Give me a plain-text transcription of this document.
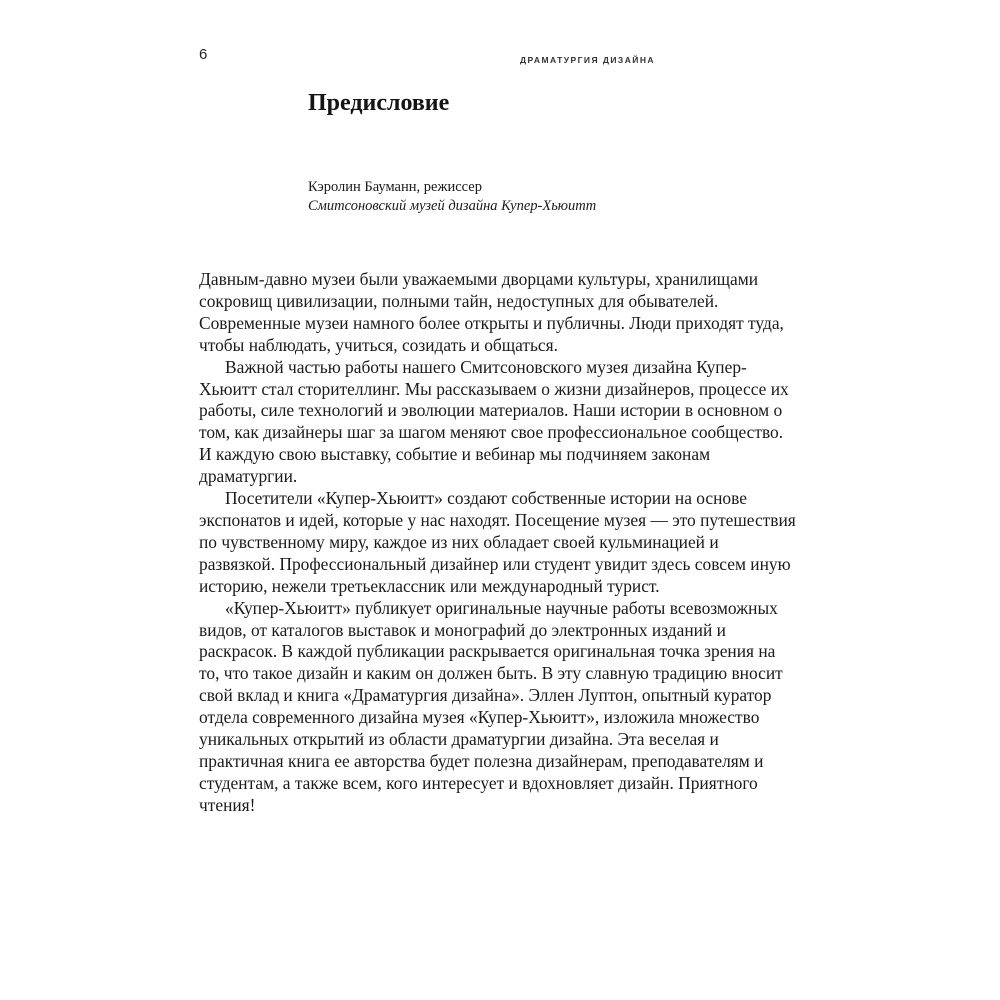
6	ДРАМАТУРГИЯ ДИЗАЙНА
Предисловие
Кэролин Бауманн, режиссер
Смитсоновский музей дизайна Купер-Хьюитт

Давным-давно музеи были уважаемыми дворцами культуры, хранилищами сокровищ цивилизации, полными тайн, недоступных для обывателей. Современные музеи намного более открыты и публичны. Люди приходят туда, чтобы наблюдать, учиться, созидать и общаться.

Важной частью работы нашего Смитсоновского музея дизайна Купер-Хьюитт стал сторителлинг. Мы рассказываем о жизни дизайнеров, процессе их работы, силе технологий и эволюции материалов. Наши истории в основном о том, как дизайнеры шаг за шагом меняют свое профессиональное сообщество. И каждую свою выставку, событие и вебинар мы подчиняем законам драматургии.

Посетители «Купер-Хьюитт» создают собственные истории на основе экспонатов и идей, которые у нас находят. Посещение музея — это путешествия по чувственному миру, каждое из них обладает своей кульминацией и развязкой. Профессиональный дизайнер или студент увидит здесь совсем иную историю, нежели третьеклассник или международный турист.

«Купер-Хьюитт» публикует оригинальные научные работы всевозможных видов, от каталогов выставок и монографий до электронных изданий и раскрасок. В каждой публикации раскрывается оригинальная точка зрения на то, что такое дизайн и каким он должен быть. В эту славную традицию вносит свой вклад и книга «Драматургия дизайна». Эллен Луптон, опытный куратор отдела современного дизайна музея «Купер-Хьюитт», изложила множество уникальных открытий из области драматургии дизайна. Эта веселая и практичная книга ее авторства будет полезна дизайнерам, преподавателям и студентам, а также всем, кого интересует и вдохновляет дизайн. Приятного чтения!
